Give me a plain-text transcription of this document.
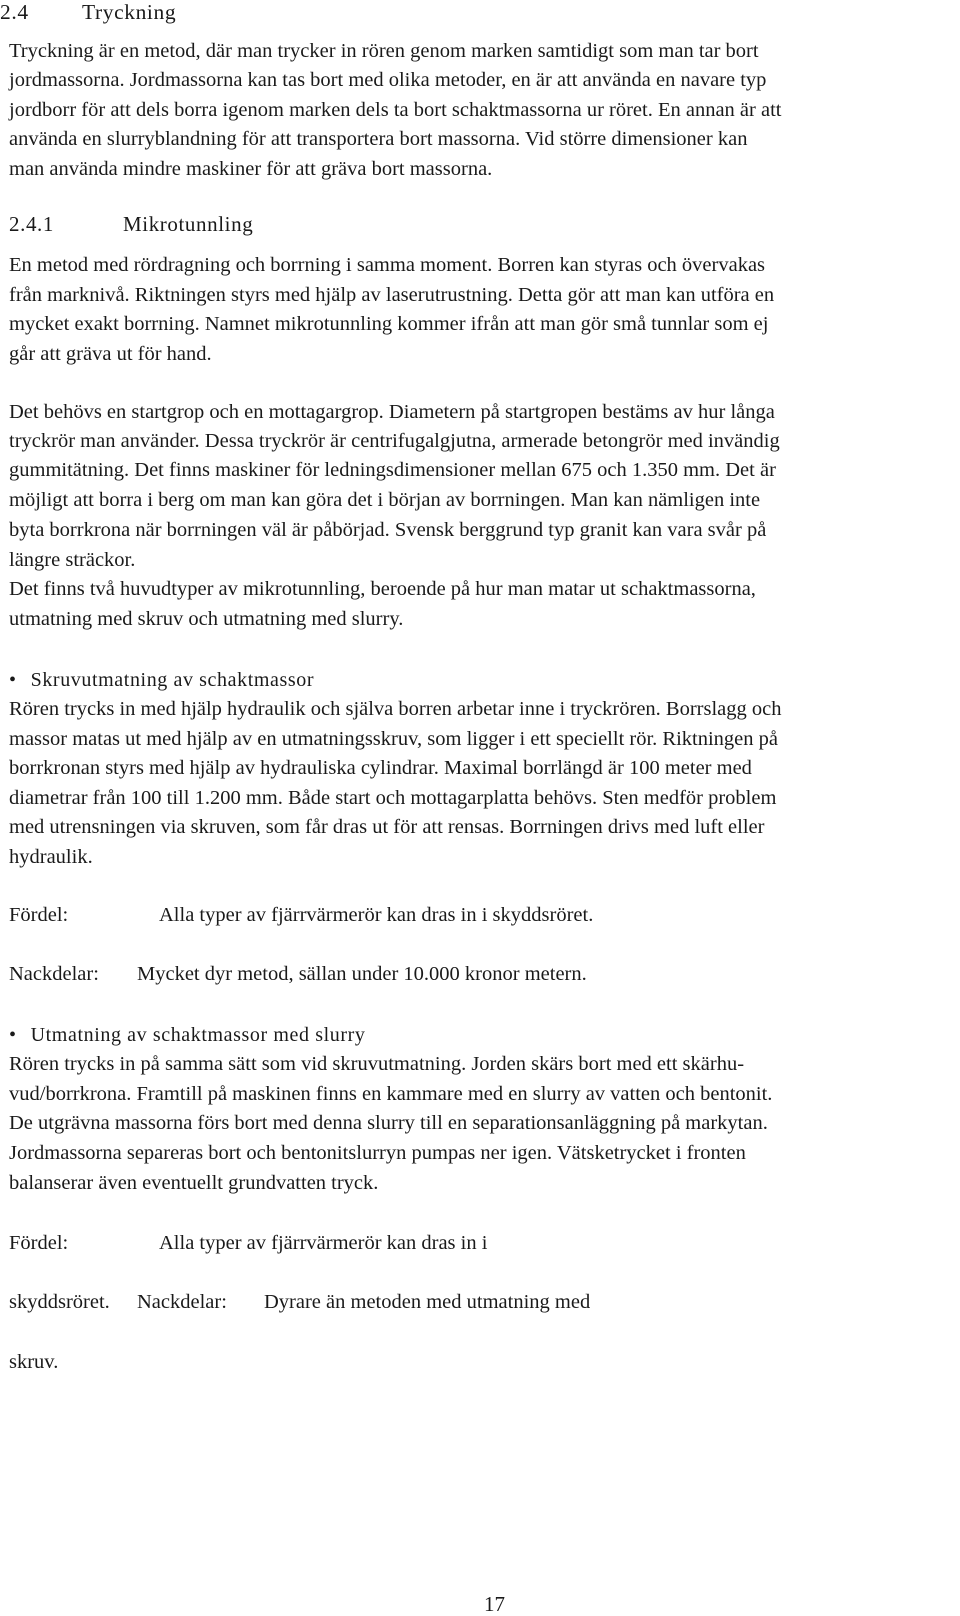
2.4 Tryckning
Tryckning är en metod, där man trycker in rören genom marken samtidigt som man tar bort
jordmassorna. Jordmassorna kan tas bort med olika metoder, en är att använda en navare typ
jordborr för att dels borra igenom marken dels ta bort schaktmassorna ur röret. En annan är att
använda en slurryblandning för att transportera bort massorna. Vid större dimensioner kan
man använda mindre maskiner för att gräva bort massorna.
2.4.1	Mikrotunnling
En metod med rördragning och borrning i samma moment. Borren kan styras och övervakas
från marknivå. Riktningen styrs med hjälp av laserutrustning. Detta gör att man kan utföra en
mycket exakt borrning. Namnet mikrotunnling kommer ifrån att man gör små tunnlar som ej
går att gräva ut för hand.
Det behövs en startgrop och en mottagargrop. Diametern på startgropen bestäms av hur långa
tryckrör man använder. Dessa tryckrör är centrifugalgjutna, armerade betongrör med invändig
gummitätning. Det finns maskiner för ledningsdimensioner mellan 675 och 1.350 mm. Det är
möjligt att borra i berg om man kan göra det i början av borrningen. Man kan nämligen inte
byta borrkrona när borrningen väl är påbörjad. Svensk berggrund typ granit kan vara svår på
längre sträckor.
Det finns två huvudtyper av mikrotunnling, beroende på hur man matar ut schaktmassorna,
utmatning med skruv och utmatning med slurry.
• Skruvutmatning av schaktmassor
Rören trycks in med hjälp hydraulik och själva borren arbetar inne i tryckrören. Borrslagg och
massor matas ut med hjälp av en utmatningsskruv, som ligger i ett speciellt rör. Riktningen på
borrkronan styrs med hjälp av hydrauliska cylindrar. Maximal borrlängd är 100 meter med
diametrar från 100 till 1.200 mm. Både start och mottagarplatta behövs. Sten medför problem
med utrensningen via skruven, som får dras ut för att rensas. Borrningen drivs med luft eller
hydraulik.
Fördel:	Alla typer av fjärrvärmerör kan dras in i skyddsröret.
Nackdelar: Mycket dyr metod, sällan under 10.000 kronor metern.
• Utmatning av schaktmassor med slurry
Rören trycks in på samma sätt som vid skruvutmatning. Jorden skärs bort med ett skärhu-
vud/borrkrona. Framtill på maskinen finns en kammare med en slurry av vatten och bentonit.
De utgrävna massorna förs bort med denna slurry till en separationsanläggning på markytan.
Jordmassorna separeras bort och bentonitslurryn pumpas ner igen. Vätsketrycket i fronten
balanserar även eventuellt grundvatten tryck.
Fördel:	Alla typer av fjärrvärmerör kan dras in i
skyddsröret. Nackdelar: Dyrare än metoden med utmatning med
skruv.
17
